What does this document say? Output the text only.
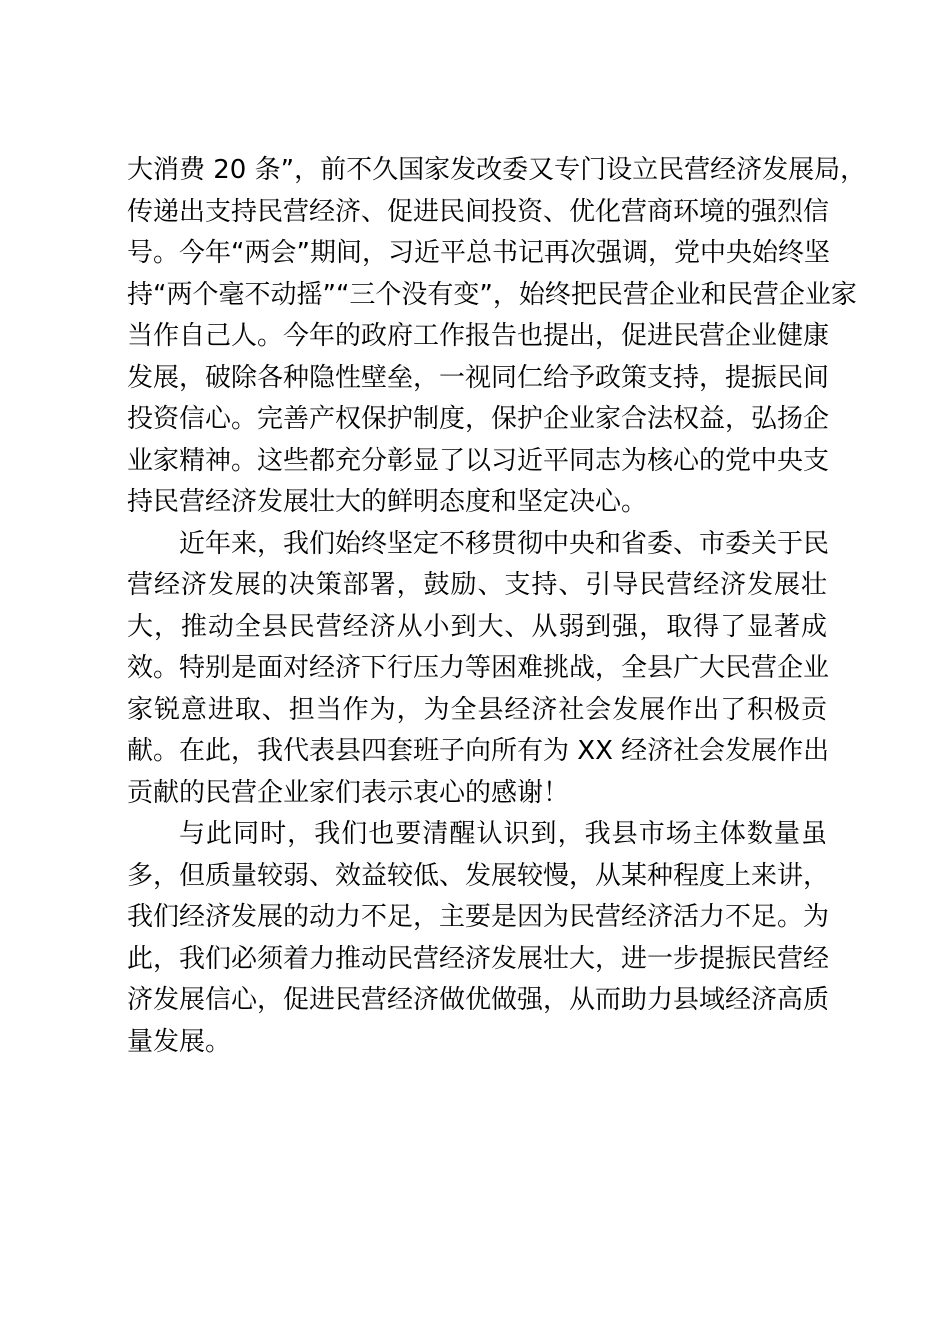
大消费 20 条”，前不久国家发改委又专门设立民营经济发展局，
传递出支持民营经济、促进民间投资、优化营商环境的强烈信
号。今年“两会”期间，习近平总书记再次强调，党中央始终坚
持“两个毫不动摇”“三个没有变”，始终把民营企业和民营企业家
当作自己人。今年的政府工作报告也提出，促进民营企业健康
发展，破除各种隐性壁垒，一视同仁给予政策支持，提振民间
投资信心。完善产权保护制度，保护企业家合法权益，弘扬企
业家精神。这些都充分彰显了以习近平同志为核心的党中央支
持民营经济发展壮大的鲜明态度和坚定决心。
近年来，我们始终坚定不移贯彻中央和省委、市委关于民
营经济发展的决策部署，鼓励、支持、引导民营经济发展壮
大，推动全县民营经济从小到大、从弱到强，取得了显著成
效。特别是面对经济下行压力等困难挑战，全县广大民营企业
家锐意进取、担当作为，为全县经济社会发展作出了积极贡
献。在此，我代表县四套班子向所有为 XX 经济社会发展作出
贡献的民营企业家们表示衷心的感谢！
与此同时，我们也要清醒认识到，我县市场主体数量虽
多，但质量较弱、效益较低、发展较慢，从某种程度上来讲，
我们经济发展的动力不足，主要是因为民营经济活力不足。为
此，我们必须着力推动民营经济发展壮大，进一步提振民营经
济发展信心，促进民营经济做优做强，从而助力县域经济高质
量发展。
